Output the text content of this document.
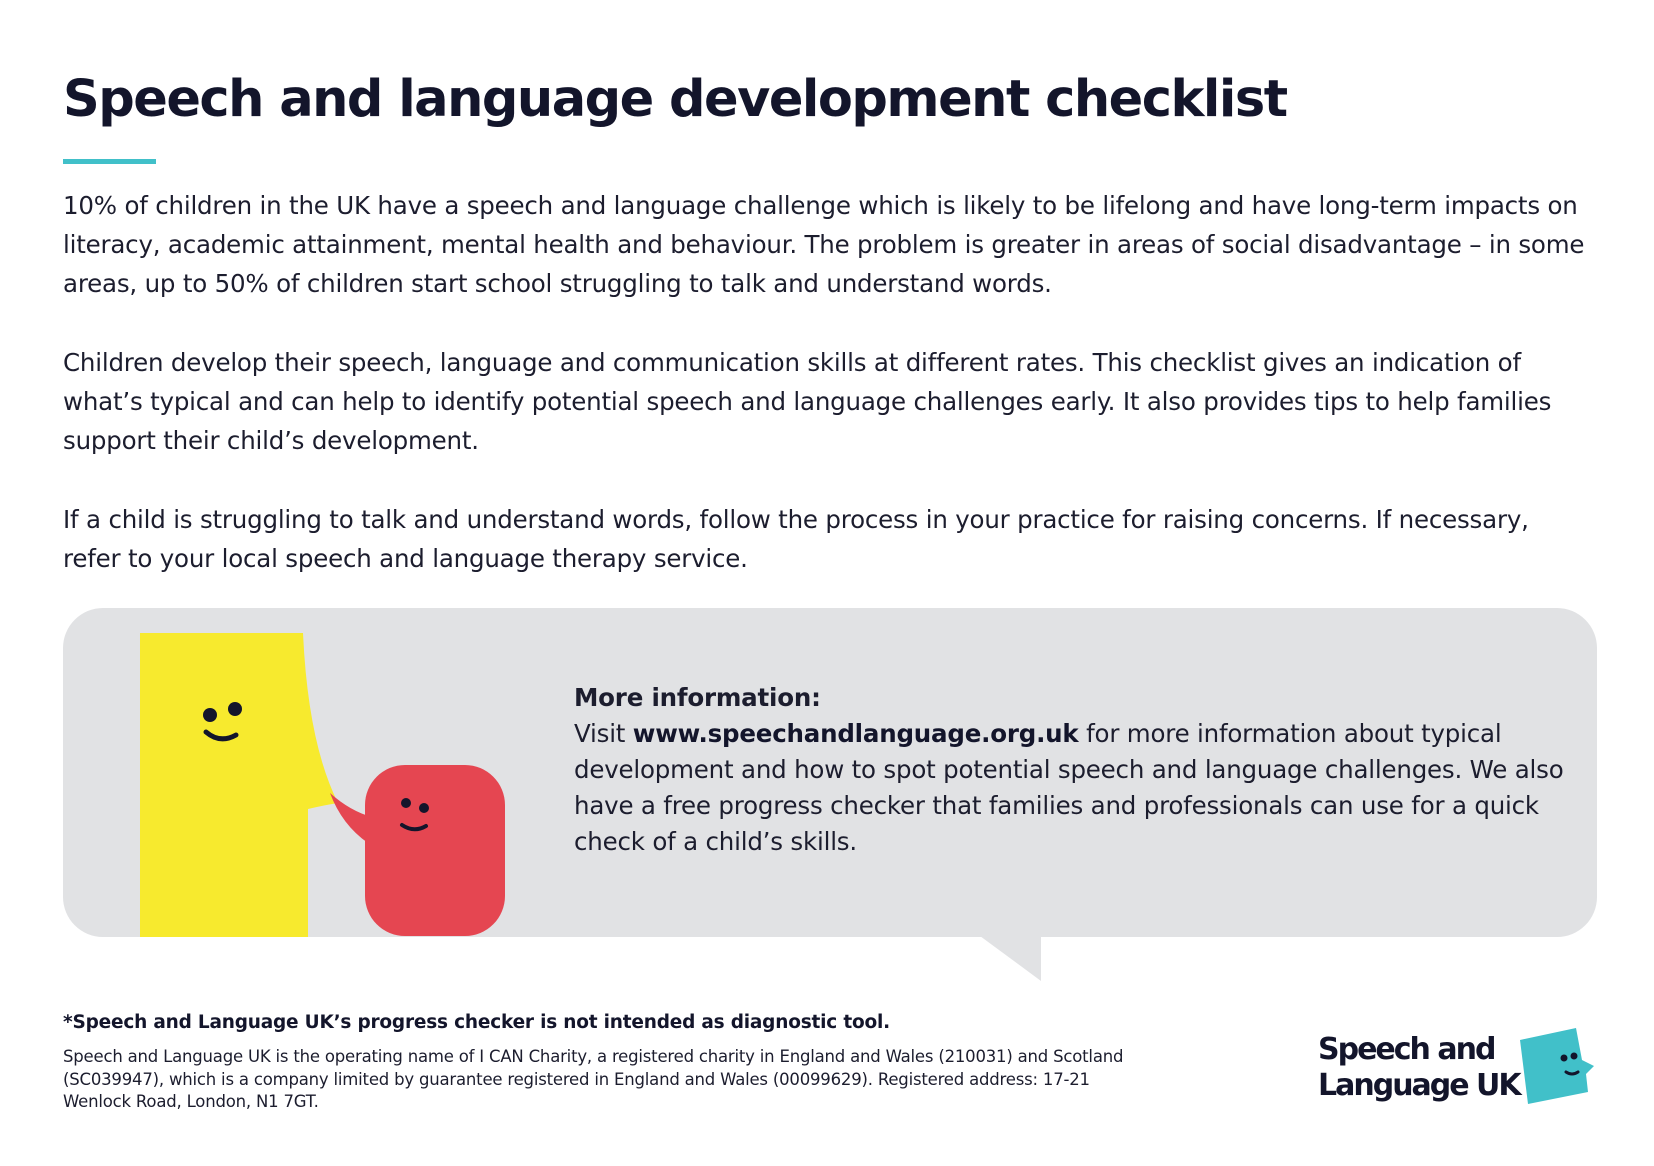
Speech and language development checklist

10% of children in the UK have a speech and language challenge which is likely to be lifelong and have long-term impacts on literacy, academic attainment, mental health and behaviour. The problem is greater in areas of social disadvantage – in some areas, up to 50% of children start school struggling to talk and understand words.

Children develop their speech, language and communication skills at different rates. This checklist gives an indication of what’s typical and can help to identify potential speech and language challenges early. It also provides tips to help families support their child’s development.

If a child is struggling to talk and understand words, follow the process in your practice for raising concerns. If necessary, refer to your local speech and language therapy service.

More information:
Visit www.speechandlanguage.org.uk for more information about typical development and how to spot potential speech and language challenges. We also have a free progress checker that families and professionals can use for a quick check of a child’s skills.
*Speech and Language UK’s progress checker is not intended as diagnostic tool.
Speech and Language UK is the operating name of I CAN Charity, a registered charity in England and Wales (210031) and Scotland (SC039947), which is a company limited by guarantee registered in England and Wales (00099629). Registered address: 17-21 Wenlock Road, London, N1 7GT.
Speech and
Language UK
